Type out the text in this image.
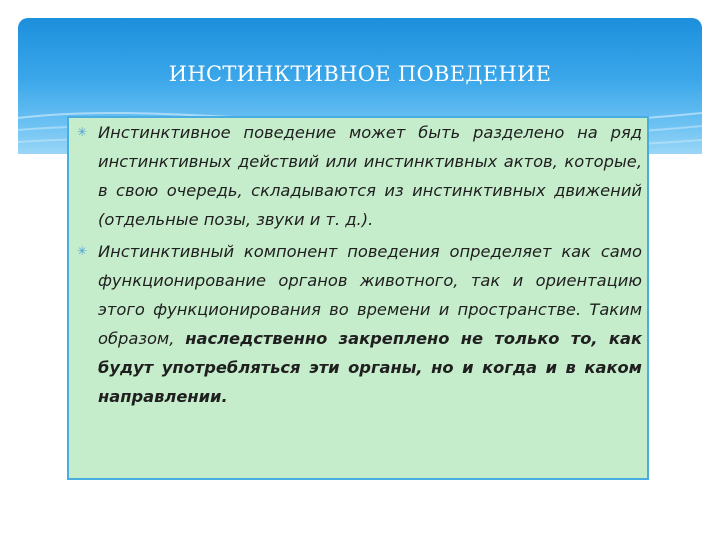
ИНСТИНКТИВНОЕ ПОВЕДЕНИЕ
✳ Инстинктивное поведение может быть разделено на ряд инстинктивных действий или инстинктивных актов, которые, в свою очередь, складываются из инстинктивных движений (отдельные позы, звуки и т. д.).
✳ Инстинктивный компонент поведения определяет как само функционирование органов животного, так и ориентацию этого функционирования во времени и пространстве. Таким образом, наследственно закреплено не только то, как будут употребляться эти органы, но и когда и в каком направлении.
